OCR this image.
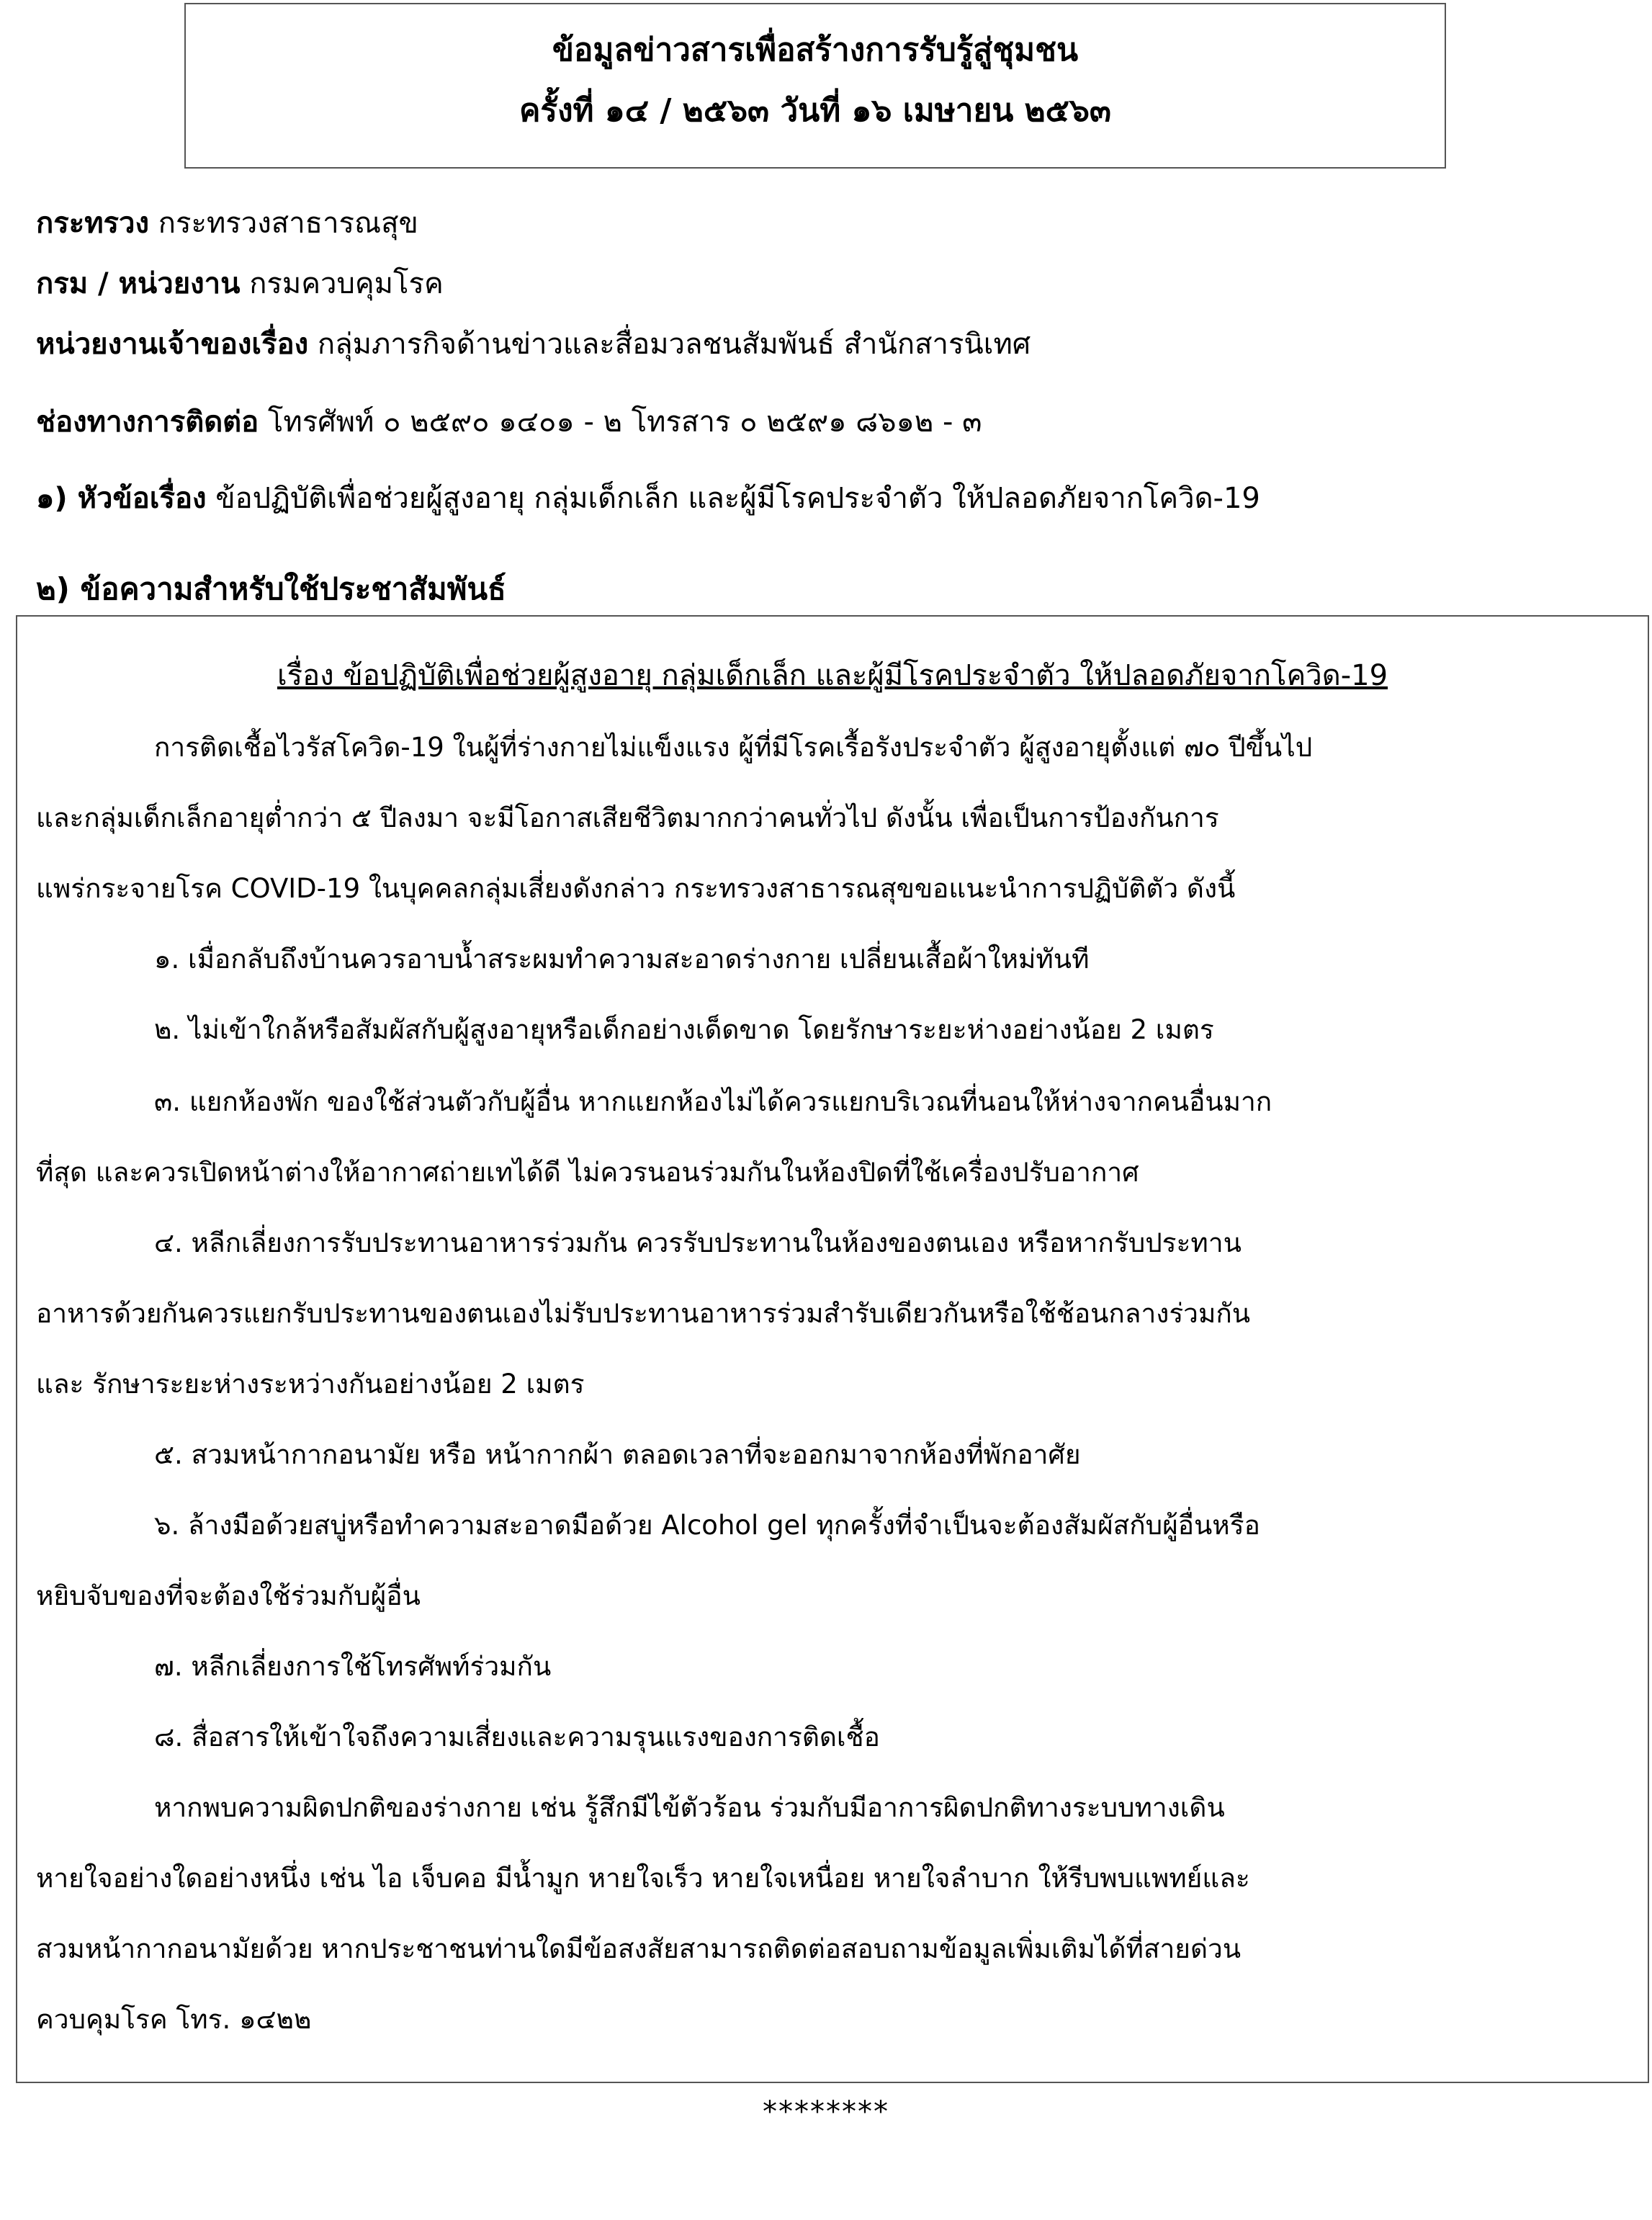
ข้อมูลข่าวสารเพื่อสร้างการรับรู้สู่ชุมชน
ครั้งที่ ๑๔ / ๒๕๖๓ วันที่ ๑๖ เมษายน ๒๕๖๓
กระทรวง กระทรวงสาธารณสุข
กรม / หน่วยงาน กรมควบคุมโรค
หน่วยงานเจ้าของเรื่อง กลุ่มภารกิจด้านข่าวและสื่อมวลชนสัมพันธ์ สำนักสารนิเทศ
ช่องทางการติดต่อ โทรศัพท์ ๐ ๒๕๙๐ ๑๔๐๑ - ๒ โทรสาร ๐ ๒๕๙๑ ๘๖๑๒ - ๓
๑) หัวข้อเรื่อง ข้อปฏิบัติเพื่อช่วยผู้สูงอายุ กลุ่มเด็กเล็ก และผู้มีโรคประจำตัว ให้ปลอดภัยจากโควิด-19
๒) ข้อความสำหรับใช้ประชาสัมพันธ์
เรื่อง ข้อปฏิบัติเพื่อช่วยผู้สูงอายุ กลุ่มเด็กเล็ก และผู้มีโรคประจำตัว ให้ปลอดภัยจากโควิด-19
การติดเชื้อไวรัสโควิด-19 ในผู้ที่ร่างกายไม่แข็งแรง ผู้ที่มีโรคเรื้อรังประจำตัว ผู้สูงอายุตั้งแต่ ๗๐ ปีขึ้นไป
และกลุ่มเด็กเล็กอายุต่ำกว่า ๕ ปีลงมา จะมีโอกาสเสียชีวิตมากกว่าคนทั่วไป ดังนั้น เพื่อเป็นการป้องกันการ
แพร่กระจายโรค COVID-19 ในบุคคลกลุ่มเสี่ยงดังกล่าว กระทรวงสาธารณสุขขอแนะนำการปฏิบัติตัว ดังนี้
๑. เมื่อกลับถึงบ้านควรอาบน้ำสระผมทำความสะอาดร่างกาย เปลี่ยนเสื้อผ้าใหม่ทันที
๒. ไม่เข้าใกล้หรือสัมผัสกับผู้สูงอายุหรือเด็กอย่างเด็ดขาด โดยรักษาระยะห่างอย่างน้อย 2 เมตร
๓. แยกห้องพัก ของใช้ส่วนตัวกับผู้อื่น หากแยกห้องไม่ได้ควรแยกบริเวณที่นอนให้ห่างจากคนอื่นมาก
ที่สุด และควรเปิดหน้าต่างให้อากาศถ่ายเทได้ดี ไม่ควรนอนร่วมกันในห้องปิดที่ใช้เครื่องปรับอากาศ
๔. หลีกเลี่ยงการรับประทานอาหารร่วมกัน ควรรับประทานในห้องของตนเอง หรือหากรับประทาน
อาหารด้วยกันควรแยกรับประทานของตนเองไม่รับประทานอาหารร่วมสำรับเดียวกันหรือใช้ช้อนกลางร่วมกัน
และ รักษาระยะห่างระหว่างกันอย่างน้อย 2 เมตร
๕. สวมหน้ากากอนามัย หรือ หน้ากากผ้า ตลอดเวลาที่จะออกมาจากห้องที่พักอาศัย
๖. ล้างมือด้วยสบู่หรือทำความสะอาดมือด้วย Alcohol gel ทุกครั้งที่จำเป็นจะต้องสัมผัสกับผู้อื่นหรือ
หยิบจับของที่จะต้องใช้ร่วมกับผู้อื่น
๗. หลีกเลี่ยงการใช้โทรศัพท์ร่วมกัน
๘. สื่อสารให้เข้าใจถึงความเสี่ยงและความรุนแรงของการติดเชื้อ
หากพบความผิดปกติของร่างกาย เช่น รู้สึกมีไข้ตัวร้อน ร่วมกับมีอาการผิดปกติทางระบบทางเดิน
หายใจอย่างใดอย่างหนึ่ง เช่น ไอ เจ็บคอ มีน้ำมูก หายใจเร็ว หายใจเหนื่อย หายใจลำบาก ให้รีบพบแพทย์และ
สวมหน้ากากอนามัยด้วย หากประชาชนท่านใดมีข้อสงสัยสามารถติดต่อสอบถามข้อมูลเพิ่มเติมได้ที่สายด่วน
ควบคุมโรค โทร. ๑๔๒๒
********
